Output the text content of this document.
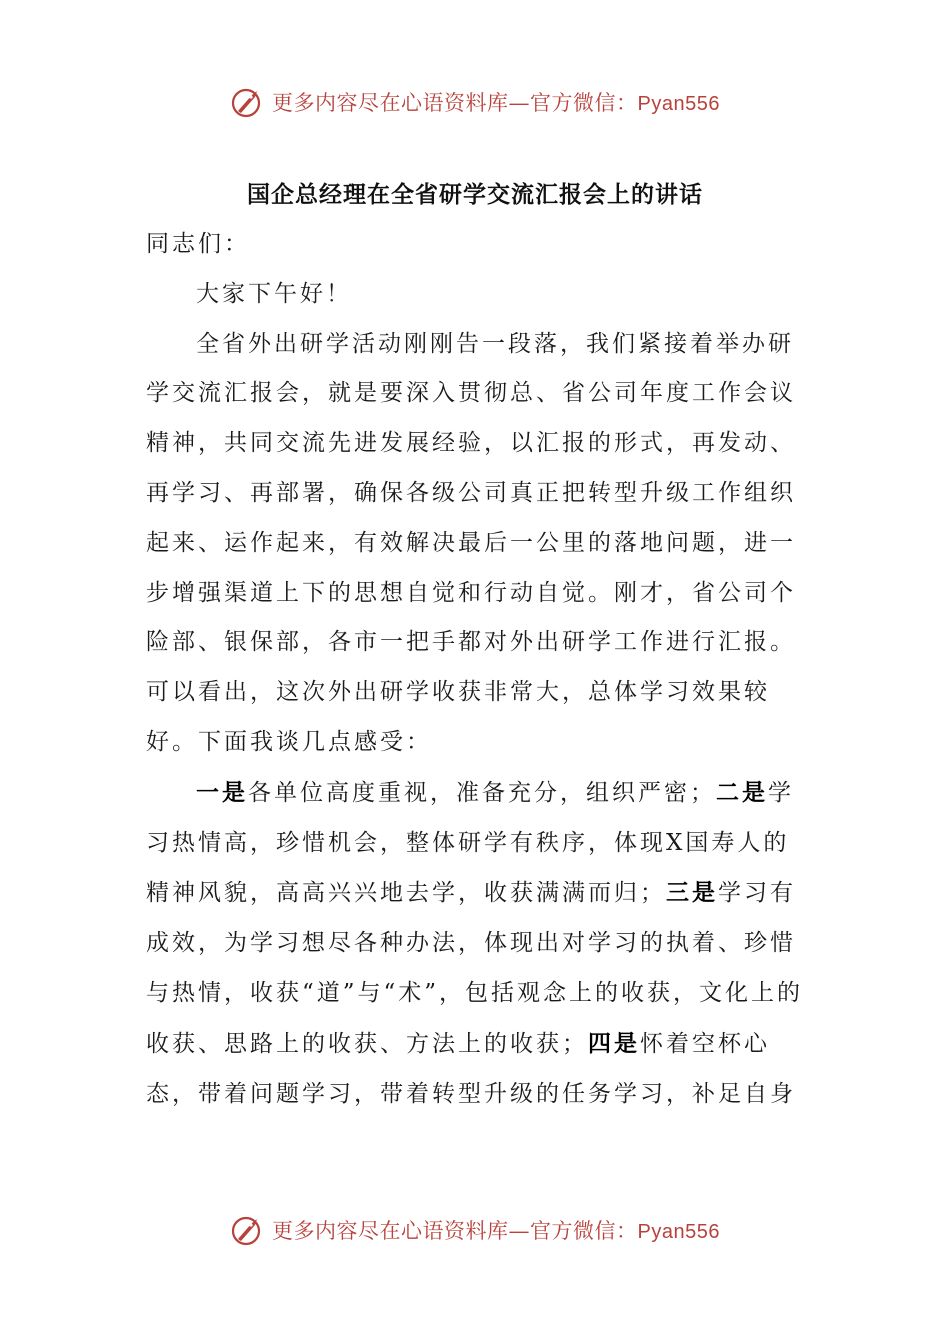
更多内容尽在心语资料库—官方微信：Pyan556
国企总经理在全省研学交流汇报会上的讲话

同志们：

大家下午好！

全省外出研学活动刚刚告一段落，我们紧接着举办研学交流汇报会，就是要深入贯彻总、省公司年度工作会议精神，共同交流先进发展经验，以汇报的形式，再发动、再学习、再部署，确保各级公司真正把转型升级工作组织起来、运作起来，有效解决最后一公里的落地问题，进一步增强渠道上下的思想自觉和行动自觉。刚才，省公司个险部、银保部，各市一把手都对外出研学工作进行汇报。可以看出，这次外出研学收获非常大，总体学习效果较好。下面我谈几点感受：

一是各单位高度重视，准备充分，组织严密；二是学习热情高，珍惜机会，整体研学有秩序，体现X国寿人的精神风貌，高高兴兴地去学，收获满满而归；三是学习有成效，为学习想尽各种办法，体现出对学习的执着、珍惜与热情，收获“道”与“术”，包括观念上的收获，文化上的收获、思路上的收获、方法上的收获；四是怀着空杯心态，带着问题学习，带着转型升级的任务学习，补足自身

更多内容尽在心语资料库—官方微信：Pyan556
